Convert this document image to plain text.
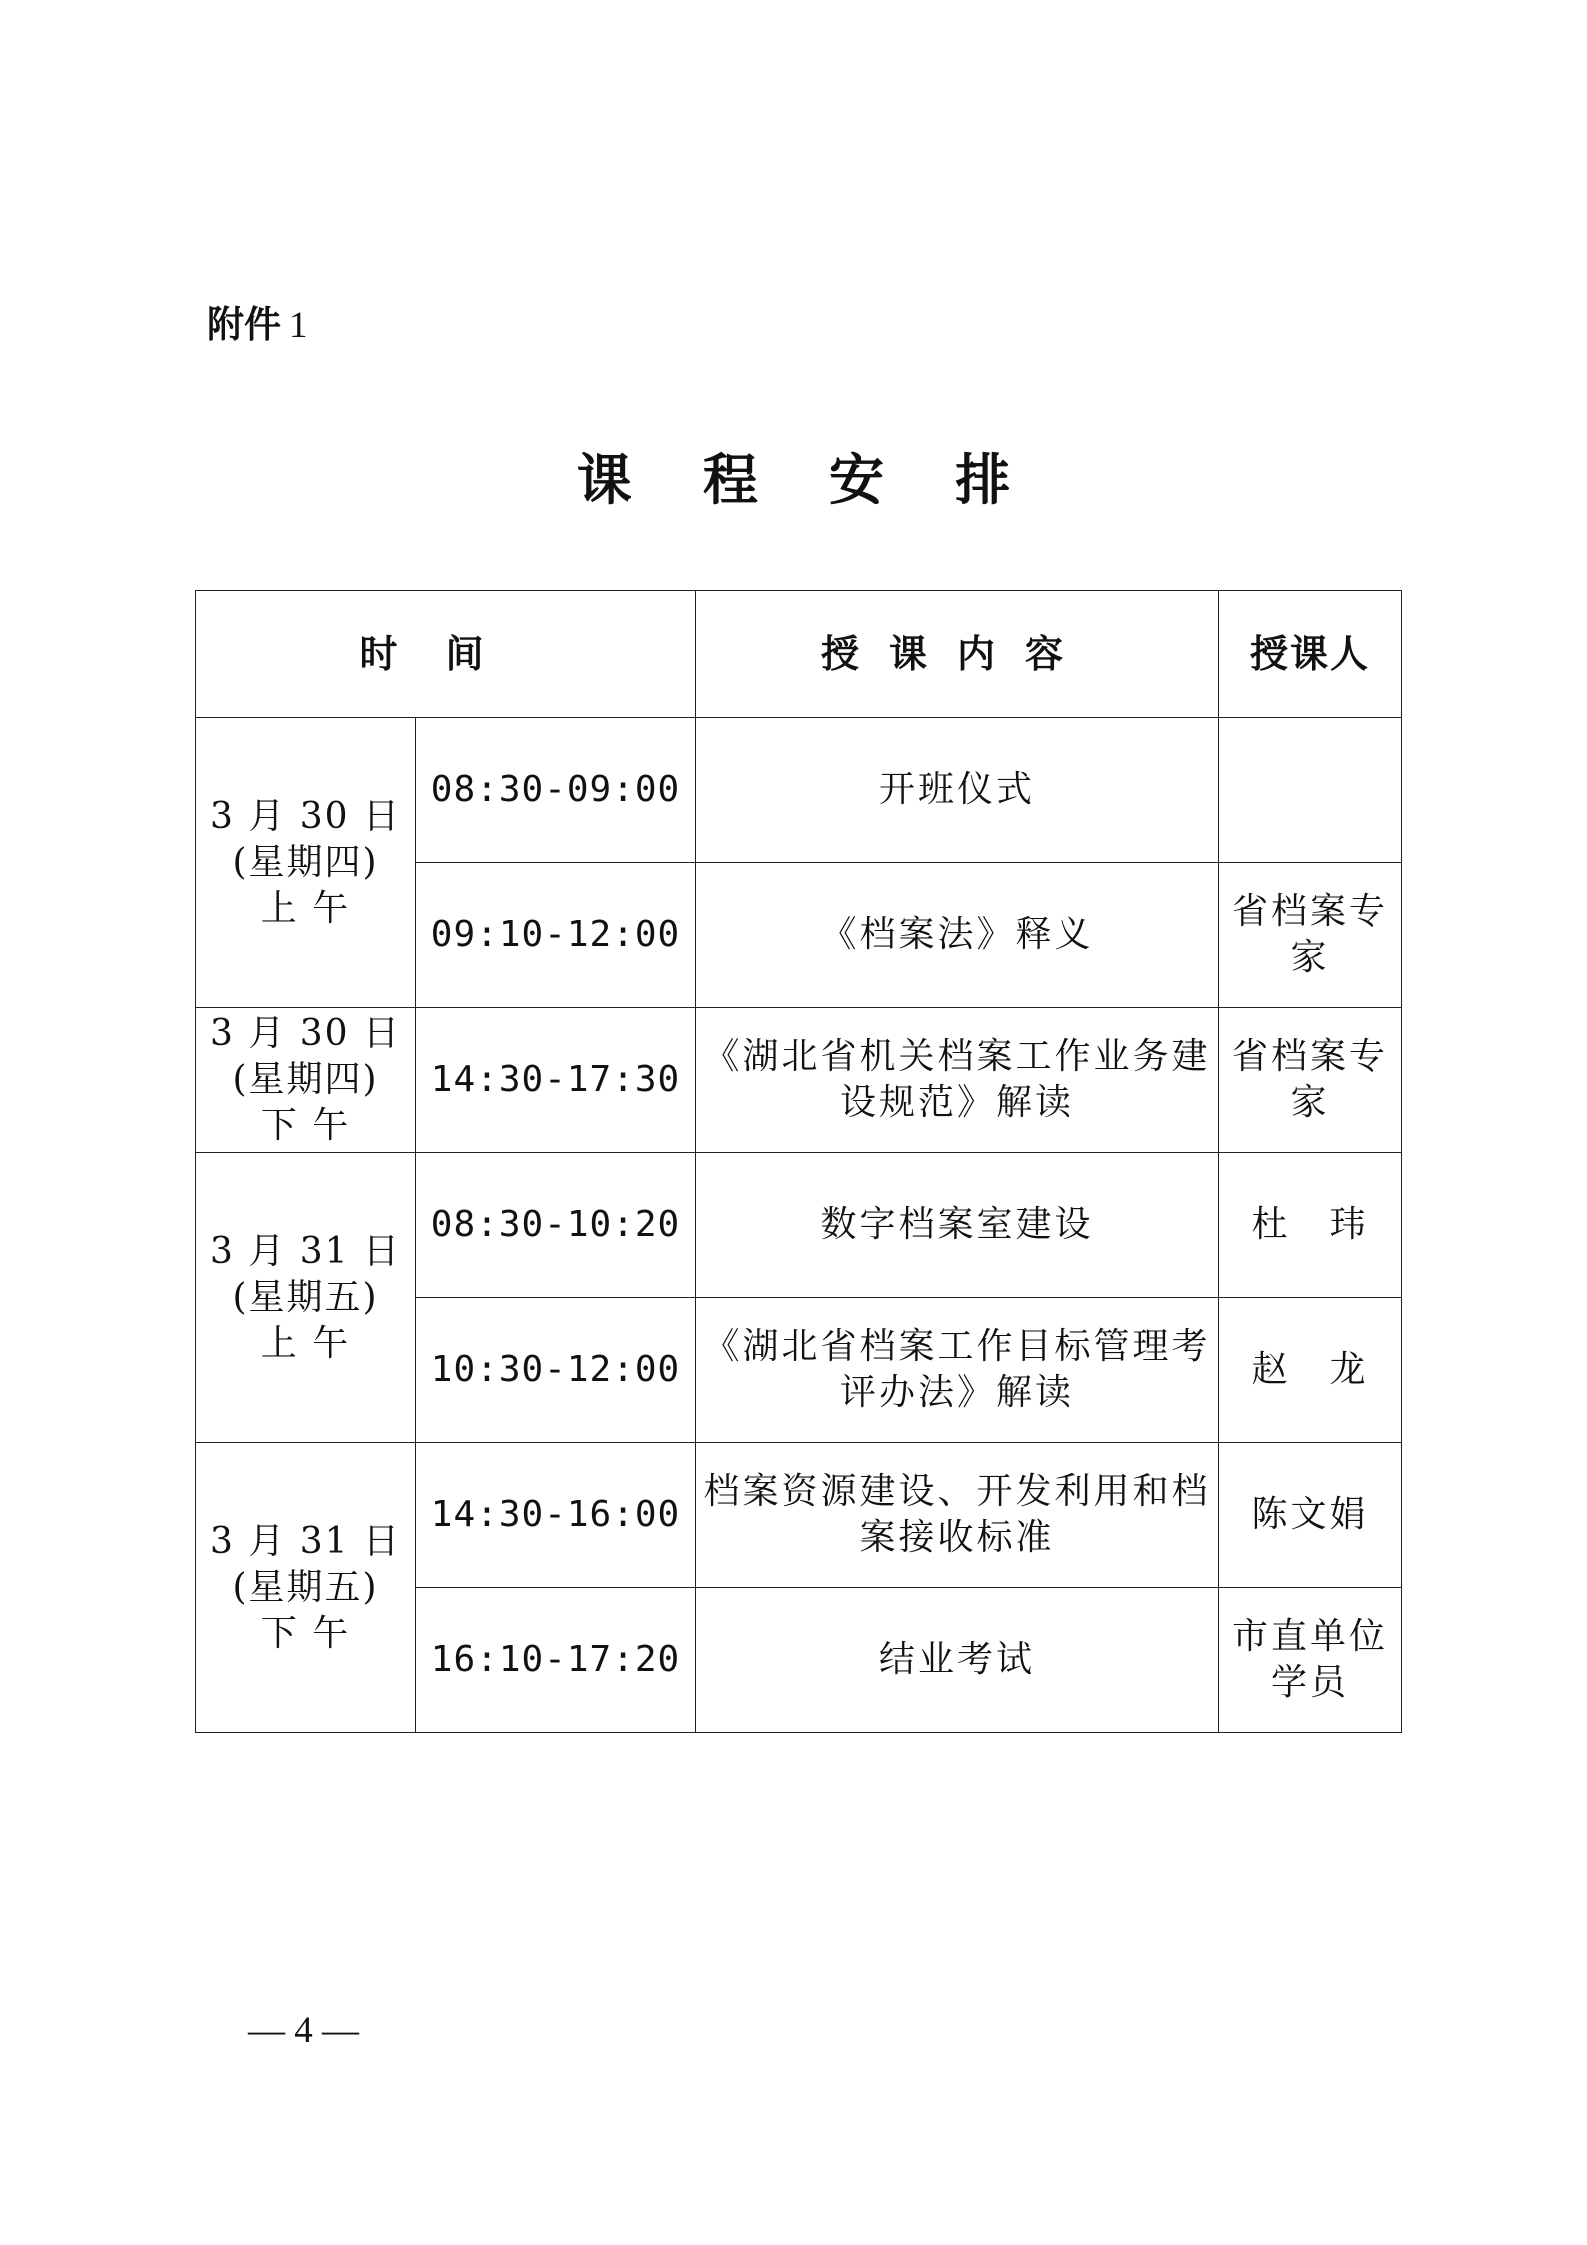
附件 1
课 程 安 排
时间		授课内容	授课人

3 月 30 日
(星期四)
上 午	08:30-09:00	开班仪式	
	09:10-12:00	《档案法》释义	省档案专家

3 月 30 日
(星期四)
下 午	14:30-17:30	《湖北省机关档案工作业务建设规范》解读	省档案专家

3 月 31 日
(星期五)
上 午	08:30-10:20	数字档案室建设	杜　玮
	10:30-12:00	《湖北省档案工作目标管理考评办法》解读	赵　龙

3 月 31 日
(星期五)
下 午	14:30-16:00	档案资源建设、开发利用和档案接收标准	陈文娟
	16:10-17:20	结业考试	市直单位学员
— 4 —
